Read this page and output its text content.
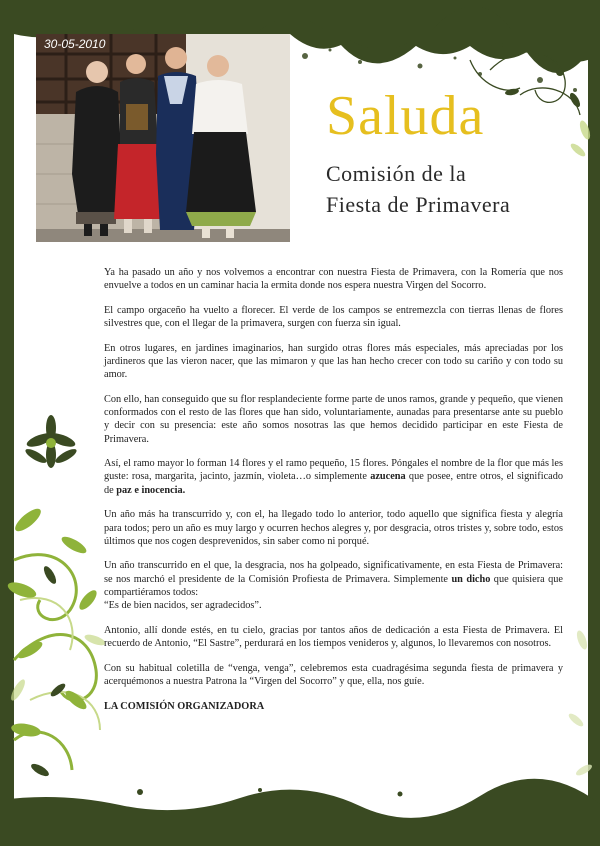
30-05-2010
Saluda
Comisión de la
Fiesta de Primavera

Ya ha pasado un año y nos volvemos a encontrar con nuestra Fiesta de Primavera, con la Romería que nos envuelve a todos en un caminar hacia la ermita donde nos espera nuestra Virgen del Socorro.

El campo orgaceño ha vuelto a florecer. El verde de los campos se entremezcla con tierras llenas de flores silvestres que, con el llegar de la primavera, surgen con fuerza sin igual.

En otros lugares, en jardines imaginarios, han surgido otras flores más especiales, más apreciadas por los jardineros que las vieron nacer, que las mimaron y que las han hecho crecer con todo su cariño y con todo su amor.

Con ello, han conseguido que su flor resplandeciente forme parte de unos ramos, grande y pequeño, que vienen conformados con el resto de las flores que han sido, voluntariamente, aunadas para presentarse ante su pueblo y decir con su presencia: este año somos nosotras las que hemos decidido participar en este Fiesta de Primavera.

Así, el ramo mayor lo forman 14 flores y el ramo pequeño, 15 flores. Póngales el nombre de la flor que más les guste: rosa, margarita, jacinto, jazmín, violeta…o simplemente azucena que posee, entre otros, el significado de paz e inocencia.

Un año más ha transcurrido y, con el, ha llegado todo lo anterior, todo aquello que significa fiesta y alegría para todos; pero un año es muy largo y ocurren hechos alegres y, por desgracia, otros tristes y, sobre todo, estos últimos que nos cogen desprevenidos, sin saber como ni porqué.

Un año transcurrido en el que, la desgracia, nos ha golpeado, significativamente, en esta Fiesta de Primavera: se nos marchó el presidente de la Comisión Profiesta de Primavera. Simplemente un dicho que quisiera que compartiéramos todos:
“Es de bien nacidos, ser agradecidos”.

Antonio, allí donde estés, en tu cielo, gracias por tantos años de dedicación a esta Fiesta de Primavera. El recuerdo de Antonio, “El Sastre”, perdurará en los tiempos venideros y, algunos, lo llevaremos con nosotros.

Con su habitual coletilla de “venga, venga”, celebremos esta cuadragésima segunda fiesta de primavera y acerquémonos a nuestra Patrona la “Virgen del Socorro” y que, ella, nos guíe.

LA COMISIÓN ORGANIZADORA
